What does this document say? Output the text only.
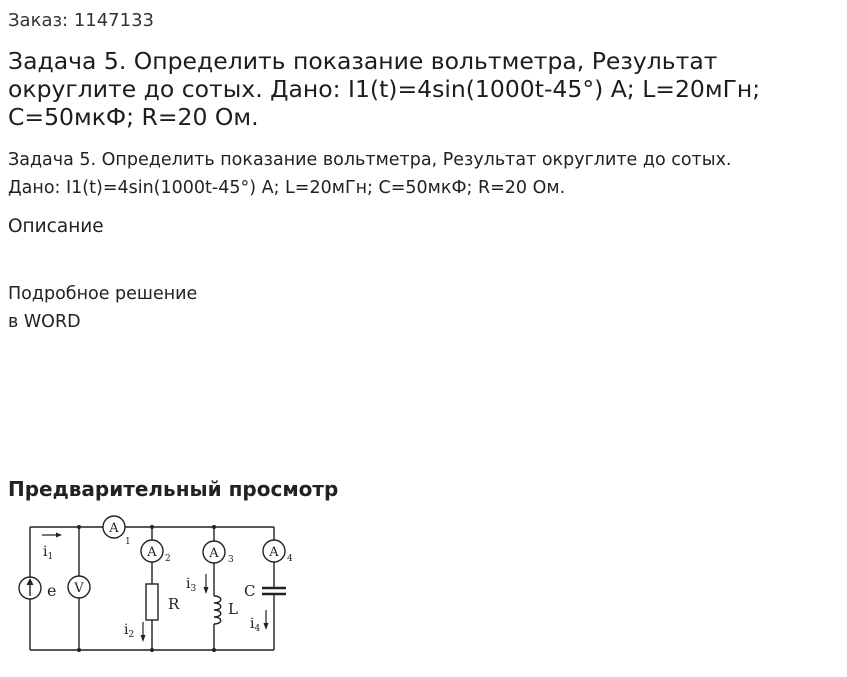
Заказ: 1147133
Задача 5. Определить показание вольтметра, Результат округлите до сотых. Дано: I1(t)=4sin(1000t-45°) А; L=20мГн; C=50мкФ; R=20 Ом.
Задача 5. Определить показание вольтметра, Результат округлите до сотых.
Дано: I1(t)=4sin(1000t-45°) А; L=20мГн; C=50мкФ; R=20 Ом.
Описание
Подробное решение
в WORD
Предварительный просмотр
e
$i_1$
V
A
1
A 2	A 3	A 4
R
$i_2$
L
$i_3$	C
$i_4$
